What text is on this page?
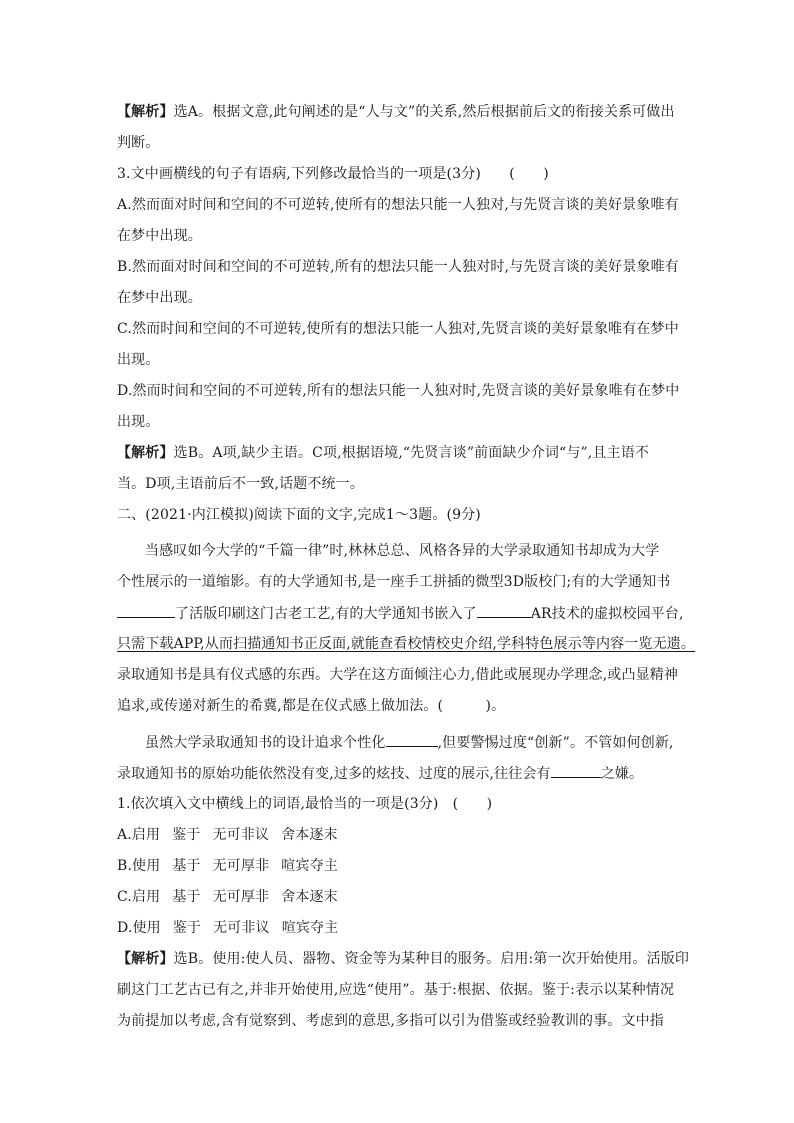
【解析】选A。根据文意,此句阐述的是“人与文”的关系,然后根据前后文的衔接关系可做出
判断。
3.文中画横线的句子有语病,下列修改最恰当的一项是(3分)　　(　　)
A.然而面对时间和空间的不可逆转,使所有的想法只能一人独对,与先贤言谈的美好景象唯有
在梦中出现。
B.然而面对时间和空间的不可逆转,所有的想法只能一人独对时,与先贤言谈的美好景象唯有
在梦中出现。
C.然而时间和空间的不可逆转,使所有的想法只能一人独对,先贤言谈的美好景象唯有在梦中
出现。
D.然而时间和空间的不可逆转,所有的想法只能一人独对时,先贤言谈的美好景象唯有在梦中
出现。
【解析】选B。A项,缺少主语。C项,根据语境,“先贤言谈”前面缺少介词“与”,且主语不
当。D项,主语前后不一致,话题不统一。
二、(2021·内江模拟)阅读下面的文字,完成1～3题。(9分)
当感叹如今大学的“千篇一律”时,林林总总、风格各异的大学录取通知书却成为大学
个性展示的一道缩影。有的大学通知书,是一座手工拼插的微型3D版校门;有的大学通知书
了活版印刷这门古老工艺,有的大学通知书嵌入了	AR技术的虚拟校园平台,
只需下载APP,从而扫描通知书正反面,就能查看校情校史介绍,学科特色展示等内容一览无遗。
录取通知书是具有仪式感的东西。大学在这方面倾注心力,借此或展现办学理念,或凸显精神
追求,或传递对新生的希冀,都是在仪式感上做加法。(　　　)。
虽然大学录取通知书的设计追求个性化	,但要警惕过度“创新”。不管如何创新,
录取通知书的原始功能依然没有变,过多的炫技、过度的展示,往往会有	之嫌。
1.依次填入文中横线上的词语,最恰当的一项是(3分)　(　　)
A.启用 鉴于 无可非议 舍本逐末
B.使用 基于 无可厚非 喧宾夺主
C.启用 基于 无可厚非 舍本逐末
D.使用 鉴于 无可非议 喧宾夺主
【解析】选B。使用:使人员、器物、资金等为某种目的服务。启用:第一次开始使用。活版印
刷这门工艺古已有之,并非开始使用,应选“使用”。基于:根据、依据。鉴于:表示以某种情况
为前提加以考虑,含有觉察到、考虑到的意思,多指可以引为借鉴或经验教训的事。文中指
